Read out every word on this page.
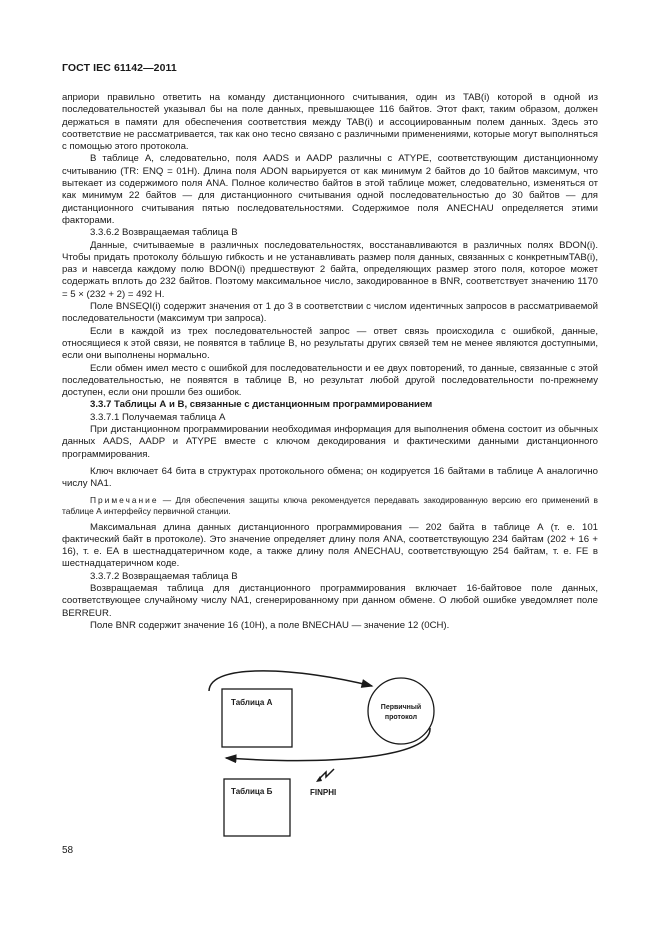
ГОСТ IEC 61142—2011

априори правильно ответить на команду дистанционного считывания, один из TAB(i) которой в одной из последовательностей указывал бы на поле данных, превышающее 116 байтов. Этот факт, таким образом, должен держаться в памяти для обеспечения соответствия между TAB(i) и ассоциированным полем данных. Здесь это соответствие не рассматривается, так как оно тесно связано с различными применениями, которые могут выполняться с помощью этого протокола.

В таблице А, следовательно, поля AADS и AADP различны с ATYPE, соответствующим дистанционному считыванию (TR: ENQ = 01H). Длина поля ADON варьируется от как минимум 2 байтов до 10 байтов максимум, что вытекает из содержимого поля ANA. Полное количество байтов в этой таблице может, следовательно, изменяться от как минимум 22 байтов — для дистанционного считывания одной последовательностью до 30 байтов — для дистанционного считывания пятью последовательностями. Содержимое поля ANECHAU определяется этими факторами.

3.3.6.2 Возвращаемая таблица В

Данные, считываемые в различных последовательностях, восстанавливаются в различных полях BDON(i). Чтобы придать протоколу бóльшую гибкость и не устанавливать размер поля данных, связанных с конкретнымTAB(i), раз и навсегда каждому полю BDON(i) предшествуют 2 байта, определяющих размер этого поля, которое может содержать вплоть до 232 байтов. Поэтому максимальное число, закодированное в BNR, соответствует значению 1170 = 5 × (232 + 2) = 492 H.

Поле BNSEQI(i) содержит значения от 1 до 3 в соответствии с числом идентичных запросов в рассматриваемой последовательности (максимум три запроса).

Если в каждой из трех последовательностей запрос — ответ связь происходила с ошибкой, данные, относящиеся к этой связи, не появятся в таблице В, но результаты других связей тем не менее являются доступными, если они выполнены нормально.

Если обмен имел место с ошибкой для последовательности и ее двух повторений, то данные, связанные с этой последовательностью, не появятся в таблице В, но результат любой другой последовательности по-прежнему доступен, если они прошли без ошибок.

3.3.7 Таблицы А и В, связанные с дистанционным программированием

3.3.7.1 Получаемая таблица А

При дистанционном программировании необходимая информация для выполнения обмена состоит из обычных данных AADS, AADP и ATYPE вместе с ключом декодирования и фактическими данными дистанционного программирования.

Ключ включает 64 бита в структурах протокольного обмена; он кодируется 16 байтами в таблице А аналогично числу NA1.

Примечание — Для обеспечения защиты ключа рекомендуется передавать закодированную версию его применений в таблице А интерфейсу первичной станции.

Максимальная длина данных дистанционного программирования — 202 байта в таблице А (т. е. 101 фактический байт в протоколе). Это значение определяет длину поля ANA, соответствующую 234 байтам (202 + 16 + 16), т. е. EA в шестнадцатеричном коде, а также длину поля ANECHAU, соответствующую 254 байтам, т. е. FE в шестнадцатеричном коде.

3.3.7.2 Возвращаемая таблица В

Возвращаемая таблица для дистанционного программирования включает 16-байтовое поле данных, соответствующее случайному числу NA1, сгенерированному при данном обмене. О любой ошибке уведомляет поле BERREUR.

Поле BNR содержит значение 16 (10H), а поле BNECHAU — значение 12 (0CH).

Таблица А
Таблица Б
Первичный
протокол
FINPHI
58
